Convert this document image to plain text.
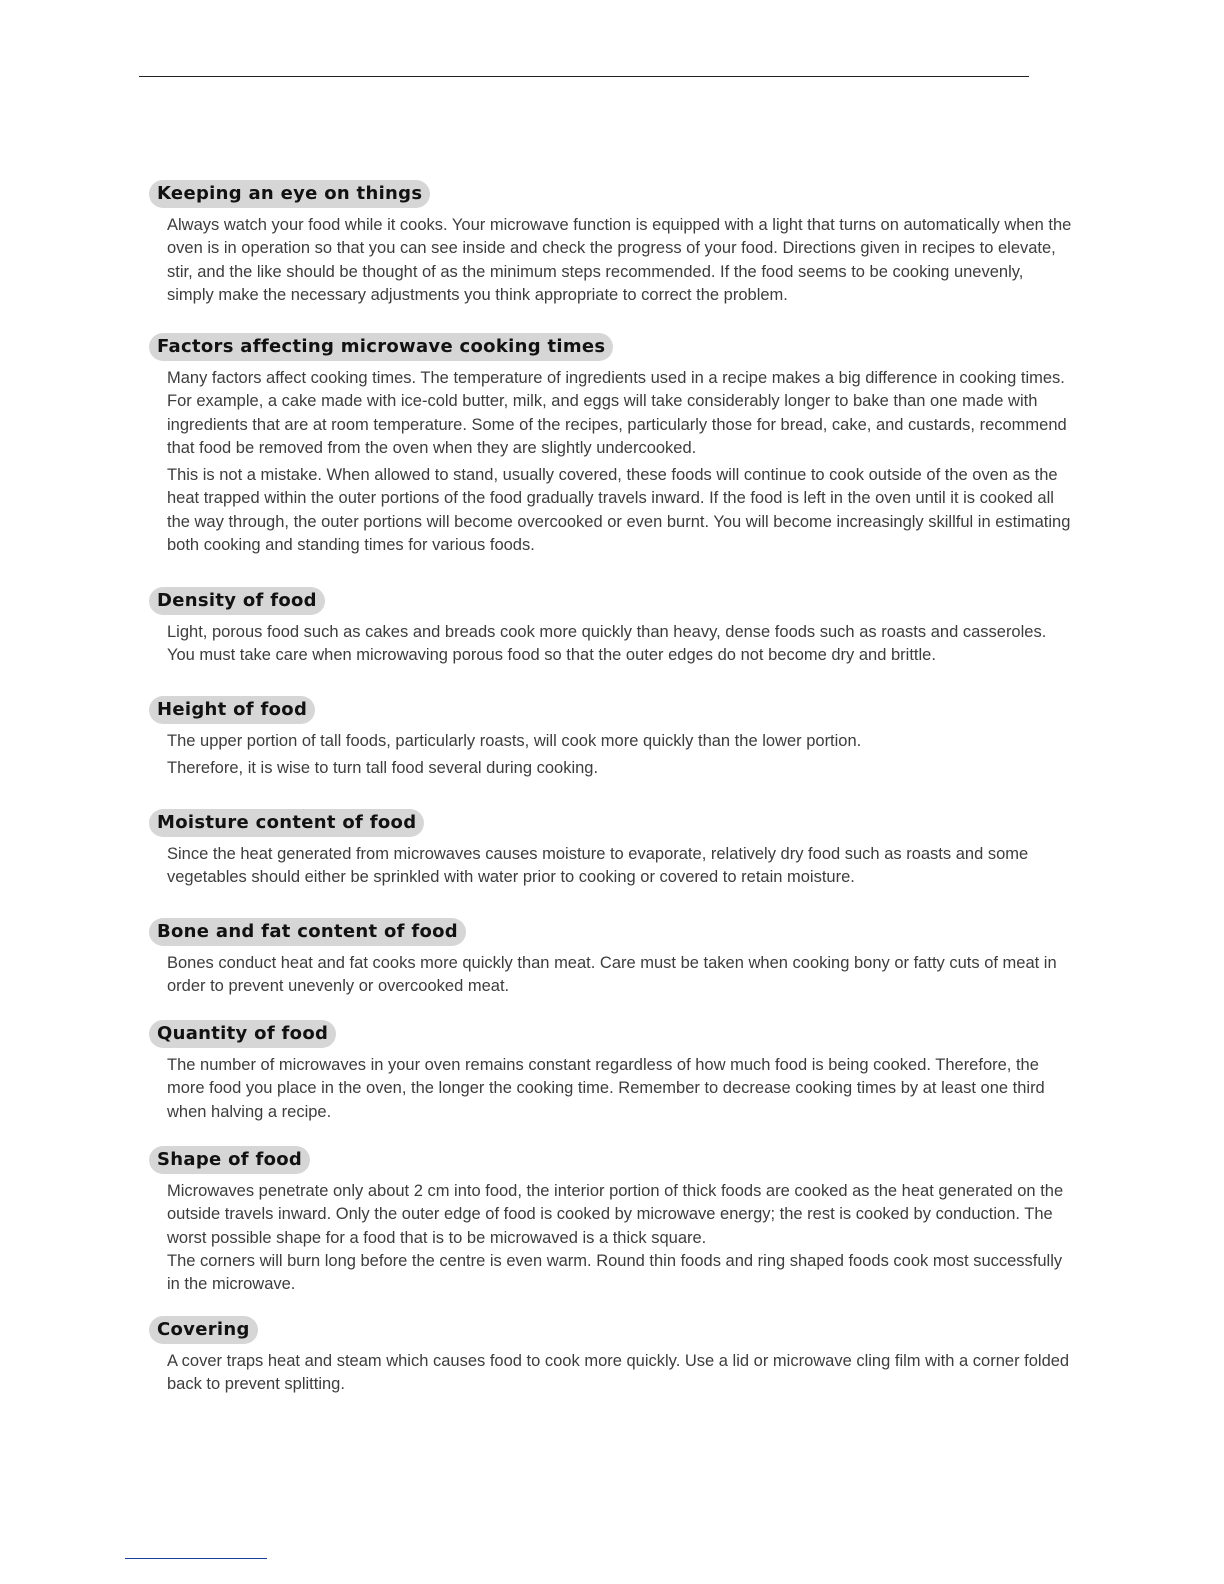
Keeping an eye on things

Always watch your food while it cooks. Your microwave function is equipped with a light that turns on automatically when the oven is in operation so that you can see inside and check the progress of your food. Directions given in recipes to elevate, stir, and the like should be thought of as the minimum steps recommended. If the food seems to be cooking unevenly, simply make the necessary adjustments you think appropriate to correct the problem.

Factors affecting microwave cooking times

Many factors affect cooking times. The temperature of ingredients used in a recipe makes a big difference in cooking times. For example, a cake made with ice-cold butter, milk, and eggs will take considerably longer to bake than one made with ingredients that are at room temperature. Some of the recipes, particularly those for bread, cake, and custards, recommend that food be removed from the oven when they are slightly undercooked.

This is not a mistake. When allowed to stand, usually covered, these foods will continue to cook outside of the oven as the heat trapped within the outer portions of the food gradually travels inward. If the food is left in the oven until it is cooked all the way through, the outer portions will become overcooked or even burnt. You will become increasingly skillful in estimating both cooking and standing times for various foods.

Density of food

Light, porous food such as cakes and breads cook more quickly than heavy, dense foods such as roasts and casseroles. You must take care when microwaving porous food so that the outer edges do not become dry and brittle.

Height of food

The upper portion of tall foods, particularly roasts, will cook more quickly than the lower portion.

Therefore, it is wise to turn tall food several during cooking.

Moisture content of food

Since the heat generated from microwaves causes moisture to evaporate, relatively dry food such as roasts and some vegetables should either be sprinkled with water prior to cooking or covered to retain moisture.

Bone and fat content of food

Bones conduct heat and fat cooks more quickly than meat. Care must be taken when cooking bony or fatty cuts of meat in order to prevent unevenly or overcooked meat.

Quantity of food

The number of microwaves in your oven remains constant regardless of how much food is being cooked. Therefore, the more food you place in the oven, the longer the cooking time. Remember to decrease cooking times by at least one third when halving a recipe.

Shape of food

Microwaves penetrate only about 2 cm into food, the interior portion of thick foods are cooked as the heat generated on the outside travels inward. Only the outer edge of food is cooked by microwave energy; the rest is cooked by conduction. The worst possible shape for a food that is to be microwaved is a thick square.
The corners will burn long before the centre is even warm. Round thin foods and ring shaped foods cook most successfully in the microwave.

Covering

A cover traps heat and steam which causes food to cook more quickly. Use a lid or microwave cling film with a corner folded back to prevent splitting.
